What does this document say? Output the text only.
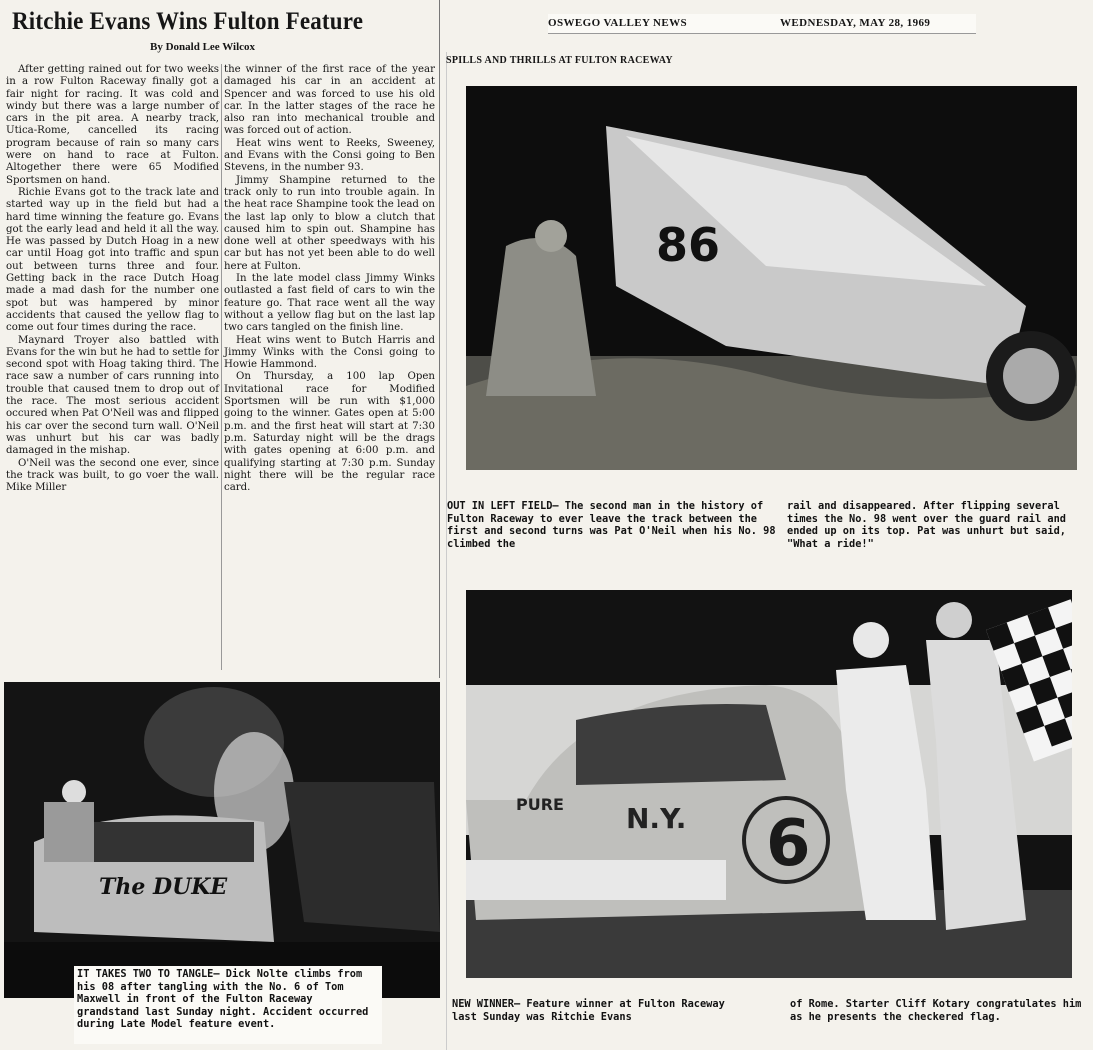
Ritchie Evans Wins Fulton Feature
By Donald Lee Wilcox

After getting rained out for two weeks in a row Fulton Raceway finally got a fair night for racing. It was cold and windy but there was a large number of cars in the pit area. A nearby track, Utica-Rome, cancelled its racing program because of rain so many cars were on hand to race at Fulton. Altogether there were 65 Modified Sportsmen on hand.

Richie Evans got to the track late and started way up in the field but had a hard time winning the feature go. Evans got the early lead and held it all the way. He was passed by Dutch Hoag in a new car until Hoag got into traffic and spun out between turns three and four. Getting back in the race Dutch Hoag made a mad dash for the number one spot but was hampered by minor accidents that caused the yellow flag to come out four times during the race.

Maynard Troyer also battled with Evans for the win but he had to settle for second spot with Hoag taking third. The race saw a number of cars running into trouble that caused tnem to drop out of the race. The most serious accident occured when Pat O'Neil was and flipped his car over the second turn wall. O'Neil was unhurt but his car was badly damaged in the mishap.

O'Neil was the second one ever, since the track was built, to go voer the wall. Mike Miller

the winner of the first race of the year damaged his car in an accident at Spencer and was forced to use his old car. In the latter stages of the race he also ran into mechanical trouble and was forced out of action.

Heat wins went to Reeks, Sweeney, and Evans with the Consi going to Ben Stevens, in the number 93.

Jimmy Shampine returned to the track only to run into trouble again. In the heat race Shampine took the lead on the last lap only to blow a clutch that caused him to spin out. Shampine has done well at other speedways with his car but has not yet been able to do well here at Fulton.

In the late model class Jimmy Winks outlasted a fast field of cars to win the feature go. That race went all the way without a yellow flag but on the last lap two cars tangled on the finish line.

Heat wins went to Butch Harris and Jimmy Winks with the Consi going to Howie Hammond.

On Thursday, a 100 lap Open Invitational race for Modified Sportsmen will be run with $1,000 going to the winner. Gates open at 5:00 p.m. and the first heat will start at 7:30 p.m. Saturday night will be the drags with gates opening at 6:00 p.m. and qualifying starting at 7:30 p.m. Sunday night there will be the regular race card.

The DUKE
IT TAKES TWO TO TANGLE— Dick Nolte climbs from his 08 after tangling with the No. 6 of Tom Maxwell in front of the Fulton Raceway grandstand last Sunday night. Accident occurred during Late Model feature event.
OSWEGO VALLEY NEWS	WEDNESDAY, MAY 28, 1969
SPILLS AND THRILLS AT FULTON RACEWAY
86
OUT IN LEFT FIELD— The second man in the history of Fulton Raceway to ever leave the track between the first and second turns was Pat O'Neil when his No. 98 climbed the
rail and disappeared. After flipping several times the No. 98 went over the guard rail and ended up on its top. Pat was unhurt but said, "What a ride!"
N.Y.
PURE
6
NEW WINNER— Feature winner at Fulton Raceway last Sunday was Ritchie Evans
of Rome. Starter Cliff Kotary congratulates him as he presents the checkered flag.
